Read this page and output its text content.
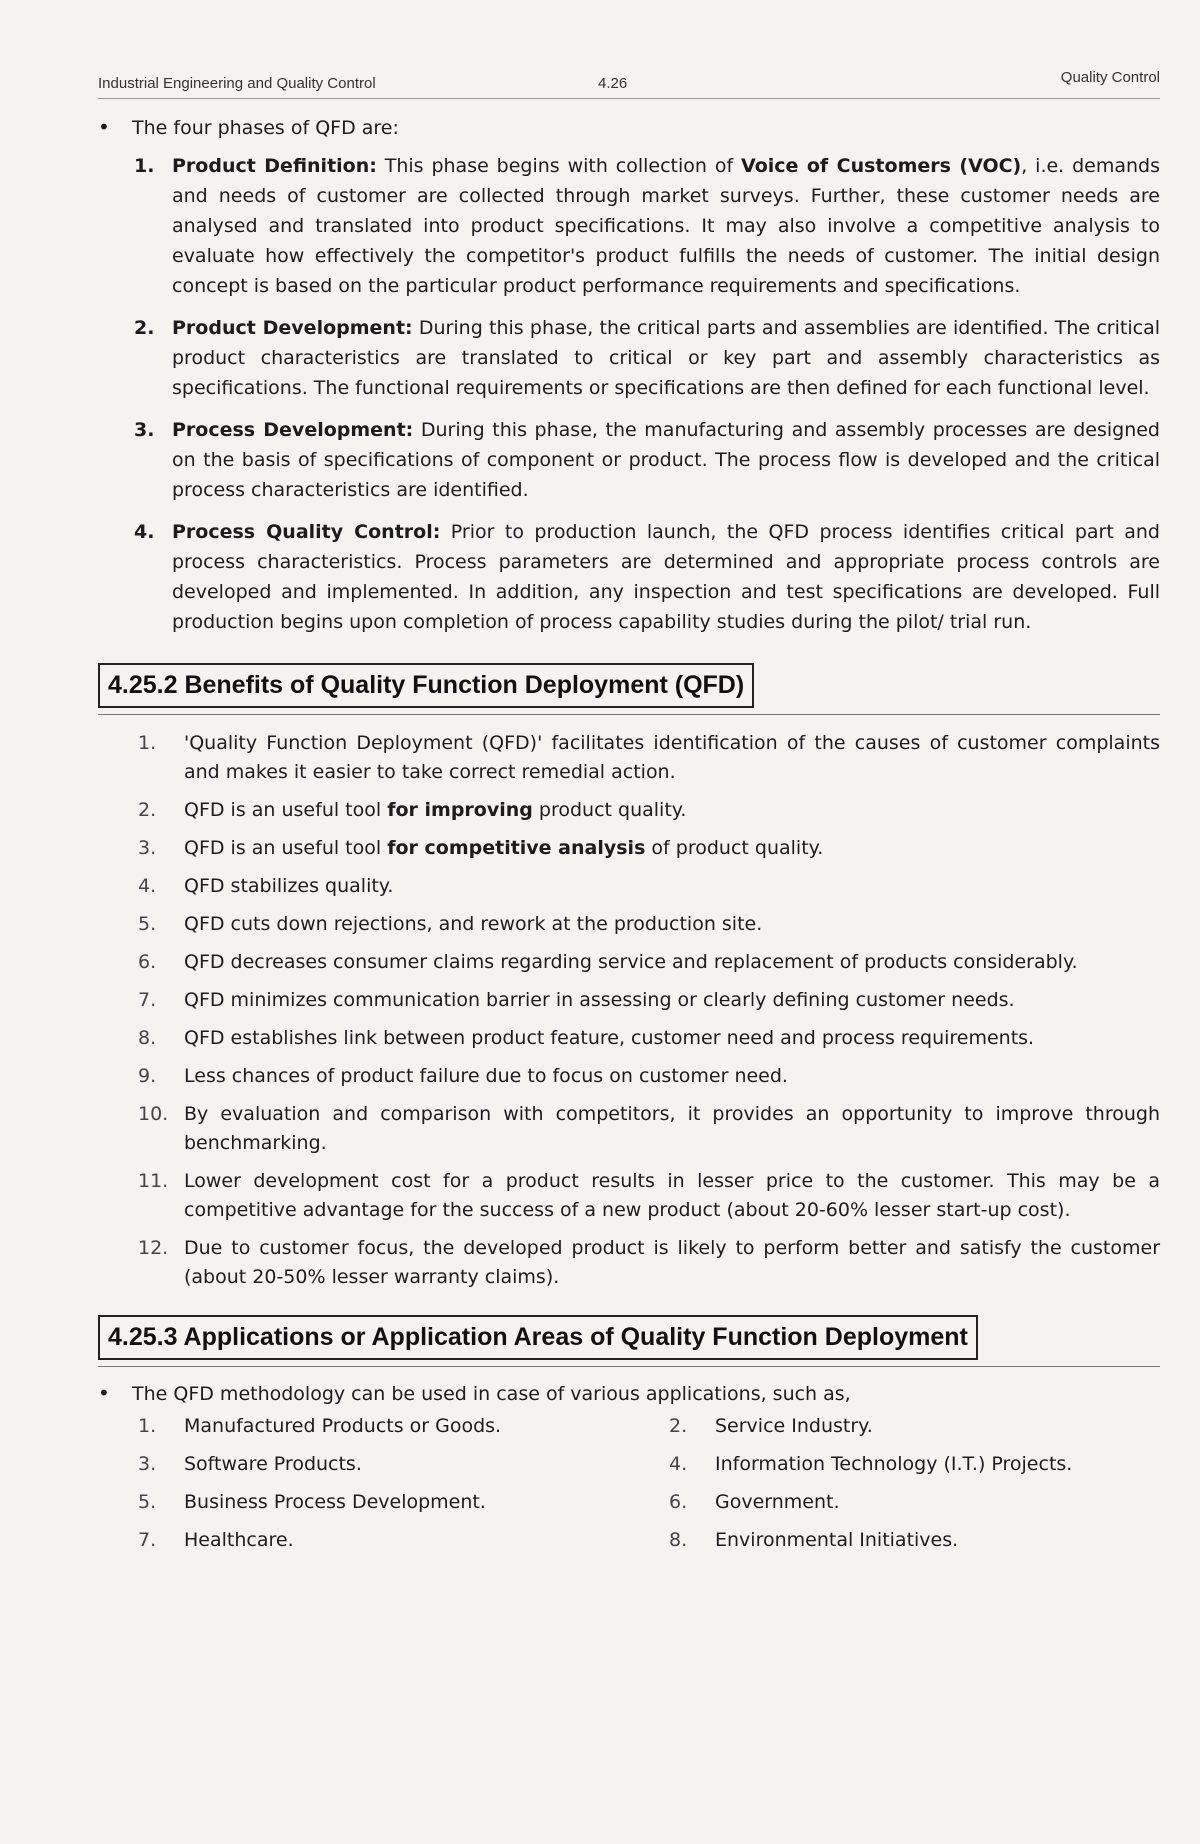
Industrial Engineering and Quality Control	4.26	Quality Control
•	The four phases of QFD are:
1. Product Definition: This phase begins with collection of Voice of Customers (VOC), i.e. demands and needs of customer are collected through market surveys. Further, these customer needs are analysed and translated into product specifications. It may also involve a competitive analysis to evaluate how effectively the competitor's product fulfills the needs of customer. The initial design concept is based on the particular product performance requirements and specifications.
2. Product Development: During this phase, the critical parts and assemblies are identified. The critical product characteristics are translated to critical or key part and assembly characteristics as specifications. The functional requirements or specifications are then defined for each functional level.
3. Process Development: During this phase, the manufacturing and assembly processes are designed on the basis of specifications of component or product. The process flow is developed and the critical process characteristics are identified.
4. Process Quality Control: Prior to production launch, the QFD process identifies critical part and process characteristics. Process parameters are determined and appropriate process controls are developed and implemented. In addition, any inspection and test specifications are developed. Full production begins upon completion of process capability studies during the pilot/ trial run.
4.25.2 Benefits of Quality Function Deployment (QFD)
1.	'Quality Function Deployment (QFD)' facilitates identification of the causes of customer complaints and makes it easier to take correct remedial action.
2.	QFD is an useful tool for improving product quality.
3.	QFD is an useful tool for competitive analysis of product quality.
4.	QFD stabilizes quality.
5.	QFD cuts down rejections, and rework at the production site.
6.	QFD decreases consumer claims regarding service and replacement of products considerably.
7.	QFD minimizes communication barrier in assessing or clearly defining customer needs.
8.	QFD establishes link between product feature, customer need and process requirements.
9.	Less chances of product failure due to focus on customer need.
10. By evaluation and comparison with competitors, it provides an opportunity to improve through benchmarking.
11. Lower development cost for a product results in lesser price to the customer. This may be a competitive advantage for the success of a new product (about 20-60% lesser start-up cost).
12. Due to customer focus, the developed product is likely to perform better and satisfy the customer (about 20-50% lesser warranty claims).
4.25.3 Applications or Application Areas of Quality Function Deployment
•	The QFD methodology can be used in case of various applications, such as,
1.	Manufactured Products or Goods.	2.	Service Industry.
3.	Software Products.	4.	Information Technology (I.T.) Projects.
5.	Business Process Development.	6.	Government.
7.	Healthcare.	8.	Environmental Initiatives.
